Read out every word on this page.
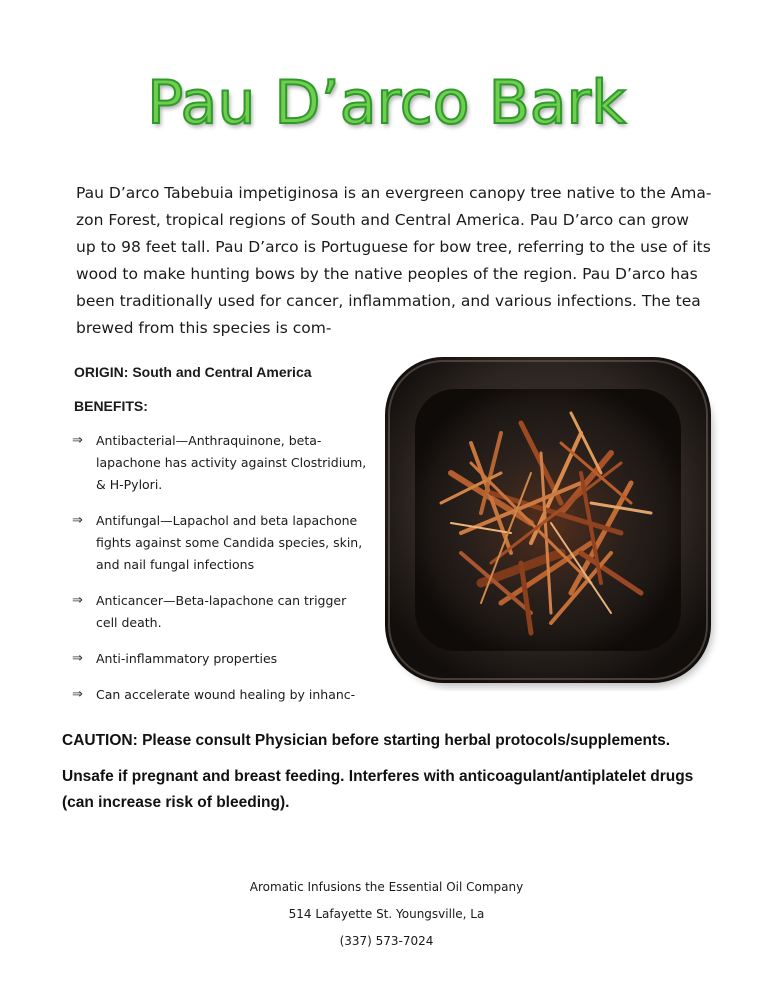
Pau D’arco Bark
Pau D’arco Tabebuia impetiginosa is an evergreen canopy tree native to the Ama-
zon Forest, tropical regions of South and Central America. Pau D’arco can grow
up to 98 feet tall. Pau D’arco is Portuguese for bow tree, referring to the use of its
wood to make hunting bows by the native peoples of the region. Pau D’arco has
been traditionally used for cancer, inflammation, and various infections. The tea
brewed from this species is com-
ORIGIN: South and Central America
BENEFITS:
⇒	Antibacterial—Anthraquinone, beta-
lapachone has activity against Clostridium,
& H-Pylori.
⇒	Antifungal—Lapachol and beta lapachone
fights against some Candida species, skin,
and nail fungal infections
⇒	Anticancer—Beta-lapachone can trigger
cell death.
⇒	Anti-inflammatory properties
⇒	Can accelerate wound healing by inhanc-
CAUTION: Please consult Physician before starting herbal protocols/supplements.
Unsafe if pregnant and breast feeding. Interferes with anticoagulant/antiplatelet drugs
(can increase risk of bleeding).
Aromatic Infusions the Essential Oil Company
514 Lafayette St. Youngsville, La
(337) 573-7024
